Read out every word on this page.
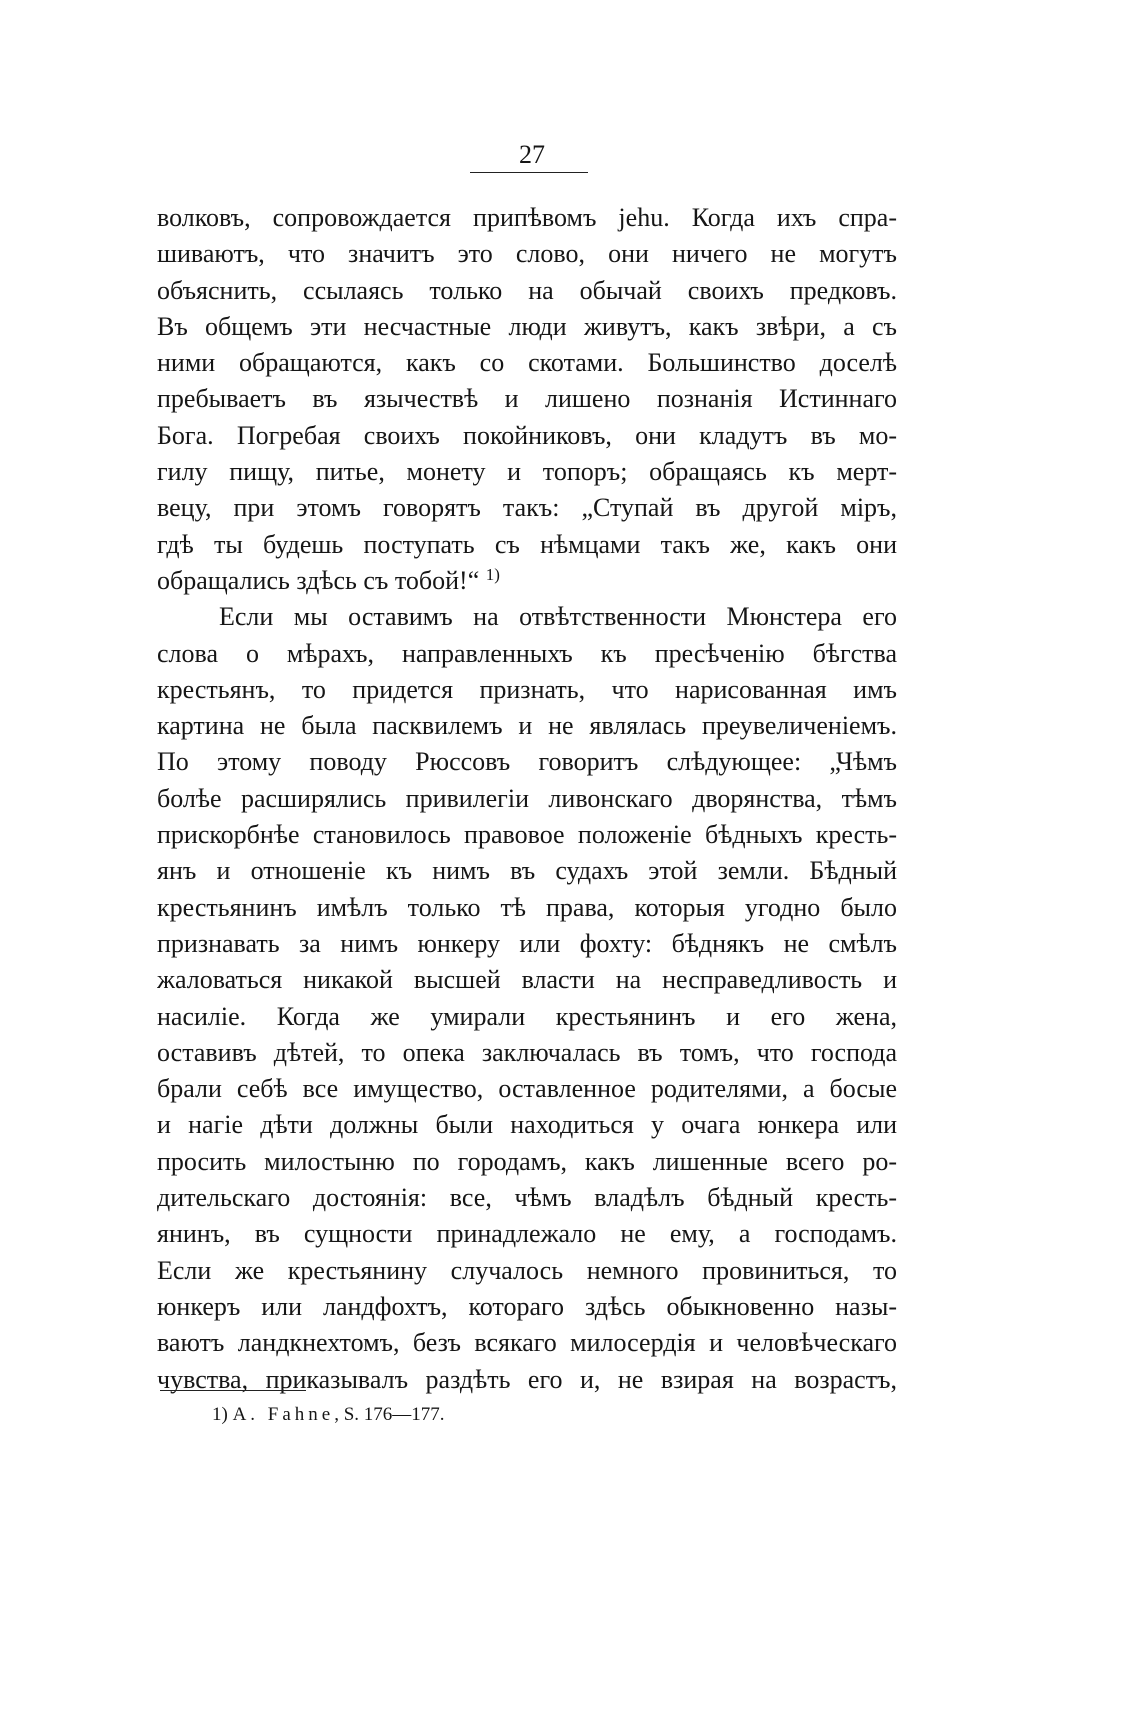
27
волковъ, сопровождается припѣвомъ jehu. Когда ихъ спра-
шиваютъ, что значитъ это слово, они ничего не могутъ
объяснить, ссылаясь только на обычай своихъ предковъ.
Въ общемъ эти несчастные люди живутъ, какъ звѣри, а съ
ними обращаются, какъ со скотами. Большинство доселѣ
пребываетъ въ язычествѣ и лишено познанія Истиннаго
Бога. Погребая своихъ покойниковъ, они кладутъ въ мо-
гилу пищу, питье, монету и топоръ; обращаясь къ мерт-
вецу, при этомъ говорятъ такъ: „Ступай въ другой міръ,
гдѣ ты будешь поступать съ нѣмцами такъ же, какъ они
обращались здѣсь съ тобой!“ $^{1)}$
Если мы оставимъ на отвѣтственности Мюнстера его
слова о мѣрахъ, направленныхъ къ пресѣченію бѣгства
крестьянъ, то придется признать, что нарисованная имъ
картина не была пасквилемъ и не являлась преувеличеніемъ.
По этому поводу Рюссовъ говоритъ слѣдующее: „Чѣмъ
болѣе расширялись привилегіи ливонскаго дворянства, тѣмъ
прискорбнѣе становилось правовое положеніе бѣдныхъ кресть-
янъ и отношеніе къ нимъ въ судахъ этой земли. Бѣдный
крестьянинъ имѣлъ только тѣ права, которыя угодно было
признавать за нимъ юнкеру или фохту: бѣднякъ не смѣлъ
жаловаться никакой высшей власти на несправедливость и
насиліе. Когда же умирали крестьянинъ и его жена,
оставивъ дѣтей, то опека заключалась въ томъ, что господа
брали себѣ все имущество, оставленное родителями, а босые
и нагіе дѣти должны были находиться у очага юнкера или
просить милостыню по городамъ, какъ лишенные всего ро-
дительскаго достоянія: все, чѣмъ владѣлъ бѣдный кресть-
янинъ, въ сущности принадлежало не ему, а господамъ.
Если же крестьянину случалось немного провиниться, то
юнкеръ или ландфохтъ, котораго здѣсь обыкновенно назы-
ваютъ ландкнехтомъ, безъ всякаго милосердія и человѣческаго
чувства, приказывалъ раздѣть его и, не взирая на возрастъ,
1) A. Fahne, S. 176—177.
